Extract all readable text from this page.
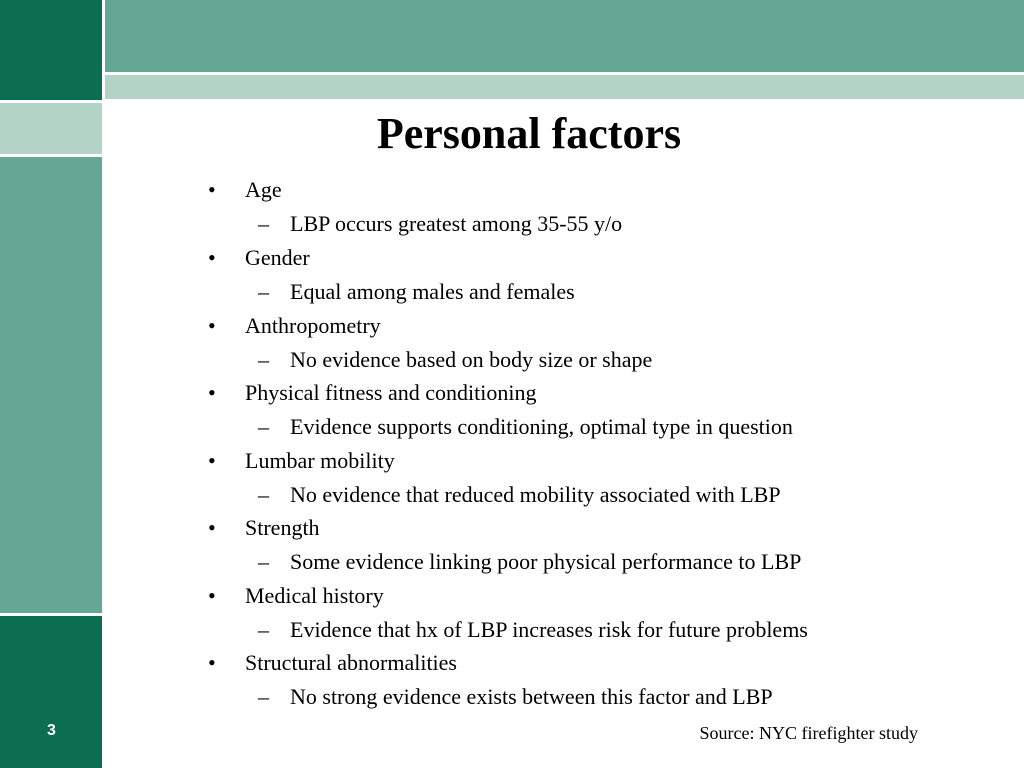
Personal factors
• Age
– LBP occurs greatest among 35-55 y/o
• Gender
– Equal among males and females
• Anthropometry
– No evidence based on body size or shape
• Physical fitness and conditioning
– Evidence supports conditioning, optimal type in question
• Lumbar mobility
– No evidence that reduced mobility associated with LBP
• Strength
– Some evidence linking poor physical performance to LBP
• Medical history
– Evidence that hx of LBP increases risk for future problems
• Structural abnormalities
– No strong evidence exists between this factor and LBP
3	Source: NYC firefighter study
